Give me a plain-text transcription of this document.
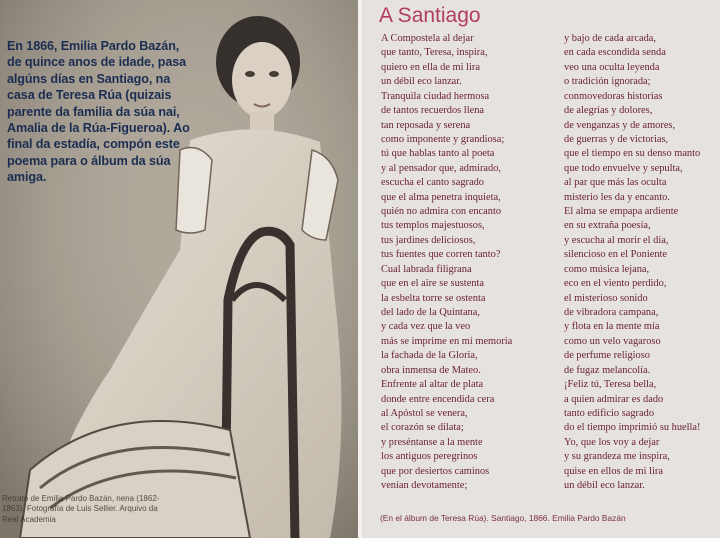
En 1866, Emilia Pardo Bazán, de quince anos de idade, pasa algúns días en Santiago, na casa de Teresa Rúa (quizais parente da familia da súa nai, Amalia de la Rúa-Figueroa). Ao final da estadía, compón este poema para o álbum da súa amiga.

Retrato de Emilia Pardo Bazán, nena (1862-1863). Fotografía de Luis Sellier. Arquivo da Real Academia

A Santiago
A Compostela al dejar
que tanto, Teresa, inspira,
quiero en ella de mi lira
un débil eco lanzar.
Tranquila ciudad hermosa
de tantos recuerdos llena
tan reposada y serena
como imponente y grandiosa;
tú que hablas tanto al poeta
y al pensador que, admirado,
escucha el canto sagrado
que el alma penetra inquieta,
quién no admira con encanto
tus templos majestuosos,
tus jardines deliciosos,
tus fuentes que corren tanto?
Cual labrada filigrana
que en el aire se sustenta
la esbelta torre se ostenta
del lado de la Quintana,
y cada vez que la veo
más se imprime en mi memoria
la fachada de la Gloria,
obra inmensa de Mateo.
Enfrente al altar de plata
donde entre encendida cera
al Apóstol se venera,
el corazón se dilata;
y preséntanse a la mente
los antiguos peregrinos
que por desiertos caminos
venían devotamente;
y bajo de cada arcada,
en cada escondida senda
veo una oculta leyenda
o tradición ignorada;
conmovedoras historias
de alegrías y dolores,
de venganzas y de amores,
de guerras y de victorias,
que el tiempo en su denso manto
que todo envuelve y sepulta,
al par que más las oculta
misterio les da y encanto.
El alma se empapa ardiente
en su extraña poesía,
y escucha al morir el día,
silencioso en el Poniente
como música lejana,
eco en el viento perdido,
el misterioso sonido
de vibradora campana,
y flota en la mente mía
como un velo vagaroso
de perfume religioso
de fugaz melancolía.
¡Feliz tú, Teresa bella,
a quien admirar es dado
tanto edificio sagrado
do el tiempo imprimió su huella!
Yo, que los voy a dejar
y su grandeza me inspira,
quise en ellos de mi lira
un débil eco lanzar.

(En el álbum de Teresa Rúa). Santiago, 1866. Emilia Pardo Bazán
